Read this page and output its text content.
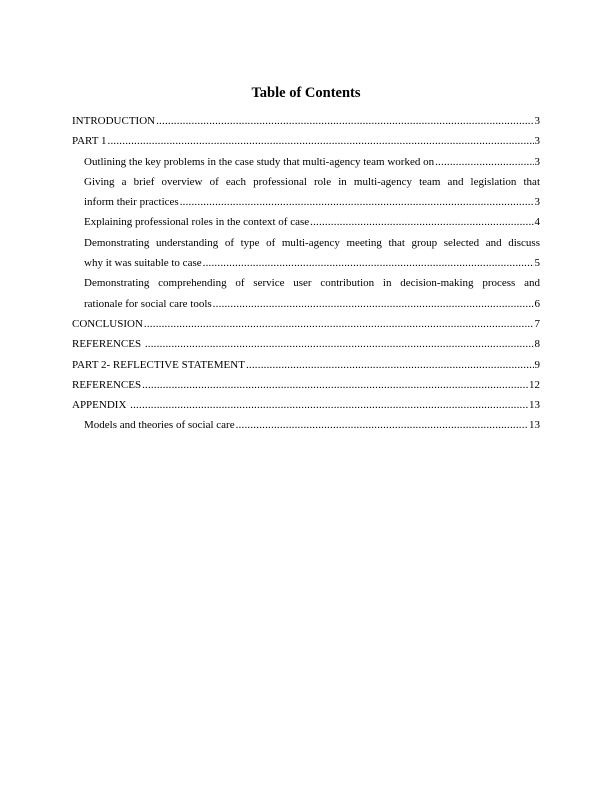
Table of Contents
INTRODUCTION .....	3
PART 1 .....	3
Outlining the key problems in the case study that multi-agency team worked on .....	3
Giving a brief overview of each professional role in multi-agency team and legislation that
inform their practices .....	3
Explaining professional roles in the context of case .....	4
Demonstrating understanding of type of multi-agency meeting that group selected and discuss
why it was suitable to case .....	5
Demonstrating comprehending of service user contribution in decision-making process and
rationale for social care tools .....	6
CONCLUSION .....	7
REFERENCES .....	8
PART 2- REFLECTIVE STATEMENT .....	9
REFERENCES .....	12
APPENDIX .....	13
Models and theories of social care .....	13
